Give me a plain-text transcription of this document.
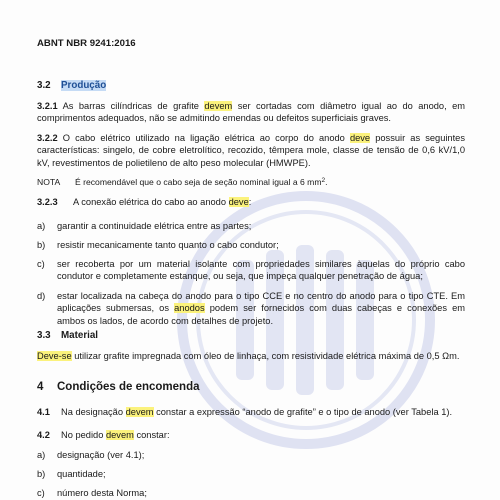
ABNT NBR 9241:2016
3.2 Produção
3.2.1 As barras cilíndricas de grafite devem ser cortadas com diâmetro igual ao do anodo, em comprimentos adequados, não se admitindo emendas ou defeitos superficiais graves.
3.2.2 O cabo elétrico utilizado na ligação elétrica ao corpo do anodo deve possuir as seguintes características: singelo, de cobre eletrolítico, recozido, têmpera mole, classe de tensão de 0,6 kV/1,0 kV, revestimentos de polietileno de alto peso molecular (HMWPE).
NOTA É recomendável que o cabo seja de seção nominal igual a 6 $mm^2$.
3.2.3 A conexão elétrica do cabo ao anodo deve:
a) garantir a continuidade elétrica entre as partes;
b) resistir mecanicamente tanto quanto o cabo condutor;
c) ser recoberta por um material isolante com propriedades similares àquelas do próprio cabo condutor e completamente estanque, ou seja, que impeça qualquer penetração de água;
d) estar localizada na cabeça do anodo para o tipo CCE e no centro do anodo para o tipo CTE. Em aplicações submersas, os anodos podem ser fornecidos com duas cabeças e conexões em ambos os lados, de acordo com detalhes de projeto.
3.3 Material
Deve-se utilizar grafite impregnada com óleo de linhaça, com resistividade elétrica máxima de 0,5 Ωm.
4 Condições de encomenda
4.1 Na designação devem constar a expressão “anodo de grafite” e o tipo de anodo (ver Tabela 1).
4.2 No pedido devem constar:
a) designação (ver 4.1);
b) quantidade;
c) número desta Norma;
